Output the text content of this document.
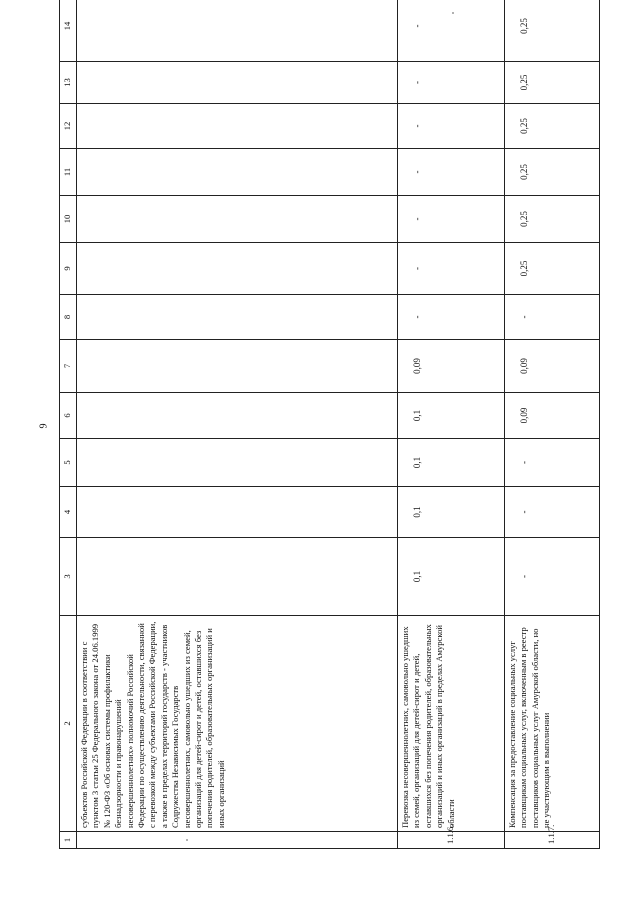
9
1	2	3	4	5	6	7	8	9	10	11	12	13	14
	субъектов Российской Федерации в соответствии с пунктом 3 статьи 25 Федерального закона от 24.06.1999 № 120-ФЗ «Об основах системы профилактики безнадзорности и правонарушений несовершеннолетних» полномочий Российской Федерации по осуществлению деятельности, связанной с перевозкой между субъектами Российской Федерации, а также в пределах территорий государств - участников Содружества Независимых Государств несовершеннолетних, самовольно ушедших из семей, организаций для детей-сирот и детей, оставшихся без попечения родителей, образовательных организаций и иных организаций												
1.1.6.	Перевозка несовершеннолетних, самовольно ушедших из семей, организаций для детей-сирот и детей, оставшихся без попечения родителей, образовательных организаций и иных организаций в пределах Амурской области	0,1	0,1	0,1	0,1	0,09	-	-	-	-	-	-	-
1.1.7.	Компенсация за предоставление социальных услуг поставщикам социальных услуг, включенным в реестр поставщиков социальных услуг Амурской области, но не участвующим в выполнении	-	-	-	0,09	0,09	-	0,25	0,25	0,25	0,25	0,25	0,25
